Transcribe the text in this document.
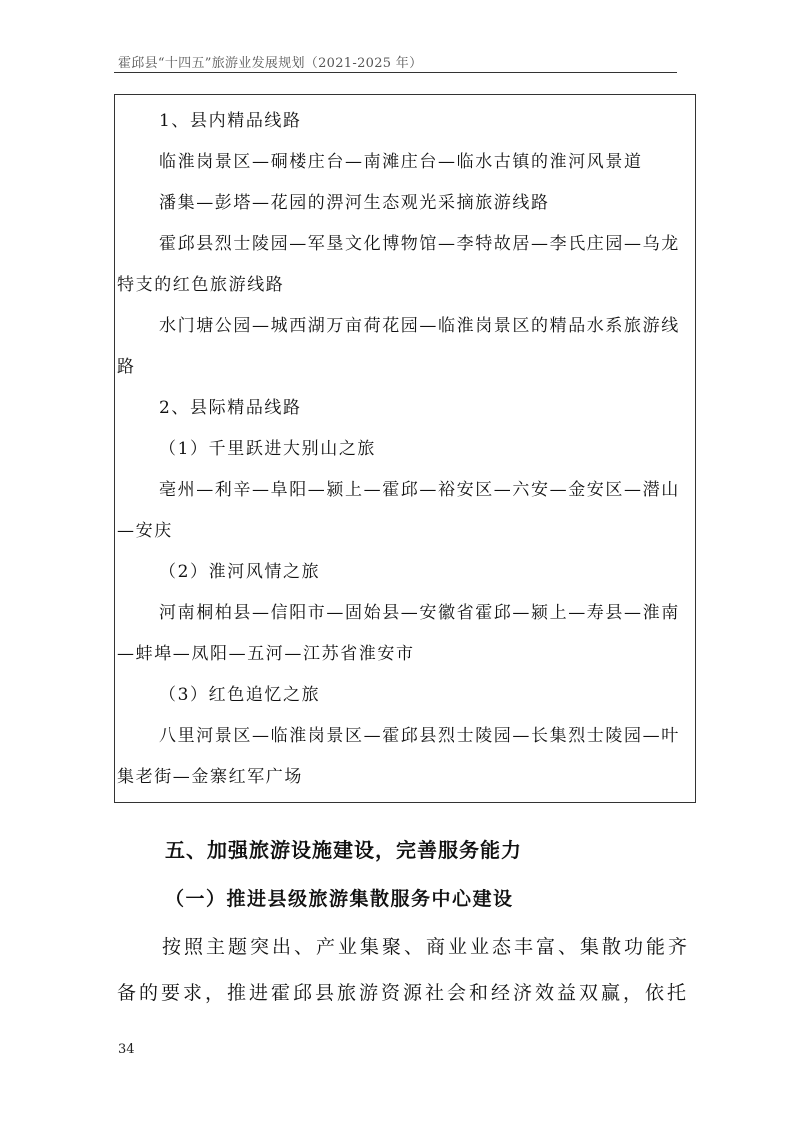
霍邱县“十四五”旅游业发展规划（2021-2025 年）
1、县内精品线路
临淮岗景区—硐楼庄台—南滩庄台—临水古镇的淮河风景道
潘集—彭塔—花园的淠河生态观光采摘旅游线路
霍邱县烈士陵园—军垦文化博物馆—李特故居—李氏庄园—乌龙
特支的红色旅游线路
水门塘公园—城西湖万亩荷花园—临淮岗景区的精品水系旅游线
路
2、县际精品线路
（1）千里跃进大别山之旅
亳州—利辛—阜阳—颍上—霍邱—裕安区—六安—金安区—潜山
—安庆
（2）淮河风情之旅
河南桐柏县—信阳市—固始县—安徽省霍邱—颍上—寿县—淮南
—蚌埠—凤阳—五河—江苏省淮安市
（3）红色追忆之旅
八里河景区—临淮岗景区—霍邱县烈士陵园—长集烈士陵园—叶
集老街—金寨红军广场
五、加强旅游设施建设，完善服务能力
（一）推进县级旅游集散服务中心建设
按照主题突出、产业集聚、商业业态丰富、集散功能齐
备的要求，推进霍邱县旅游资源社会和经济效益双赢，依托
34
